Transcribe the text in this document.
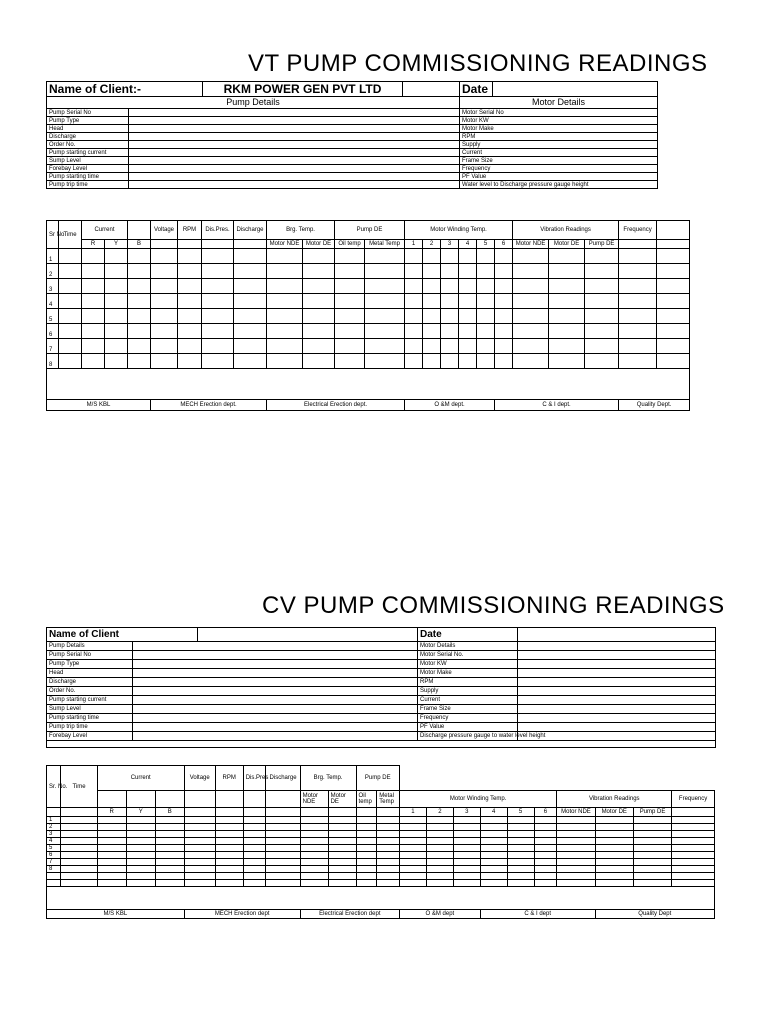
VT PUMP COMMISSIONING READINGS
Name of Client:-		RKM POWER GEN PVT LTD		Date	
Pump Details				Motor Details	
Pump Serial No				Motor Serial No	
Pump Type				Motor KW	
Head				Motor Make	
Discharge				RPM	
Order No.				Supply	
Pump starting current				Current	
Sump Level				Frame Size	
Forebay Level				Frequency	
Pump starting time				PF Value	
Pump trip time				Water level to Discharge pressure gauge height	
Sr No	Time	Current			Voltage	RPM	Dis.Pres.	Discharge	Brg. Temp.		Pump DE		Motor Winding Temp.						Vibration Readings			Frequency	
		R	Y	B					Motor NDE	Motor DE	Oil temp	Metal Temp	1	2	3	4	5	6	Motor NDE	Motor DE	Pump DE		
1																							
2																							
3																							
4																							
5																							
6																							
7																							
8																							

M/S KBL					MECH Erection dept.				Electrical Erection dept.				O &M dept.					C & I dept.				Quality Dept.	
CV PUMP COMMISSIONING READINGS
Name of Client			Date	
Pump Details			Motor Details	
Pump Serial No			Motor Serial No.	
Pump Type			Motor KW	
Head			Motor Make	
Discharge			RPM	
Order No.			Supply	
Pump starting current			Current	
Sump Level			Frame Size	
Pump starting time			Frequency	
Pump trip time			PF Value	
Forebay Level			Discharge pressure gauge to water level height	

Sr. No.	Time	Current			Voltage	RPM	Dis.Pres	Discharge	Brg. Temp.		Pump DE											
									Motor NDE	Motor DE	Oil temp	Metal Temp	Motor Winding Temp.						Vibration Readings			Frequency
		R	Y	B									1	2	3	4	5	6	Motor NDE	Motor DE	Pump DE	
1																						
2																						
3																						
4																						
5																						
6																						
7																						
8																						

M/S KBL					MECH Erection dept				Electrical Erection dept				O &M dept			C & I dept				Quality Dept		
